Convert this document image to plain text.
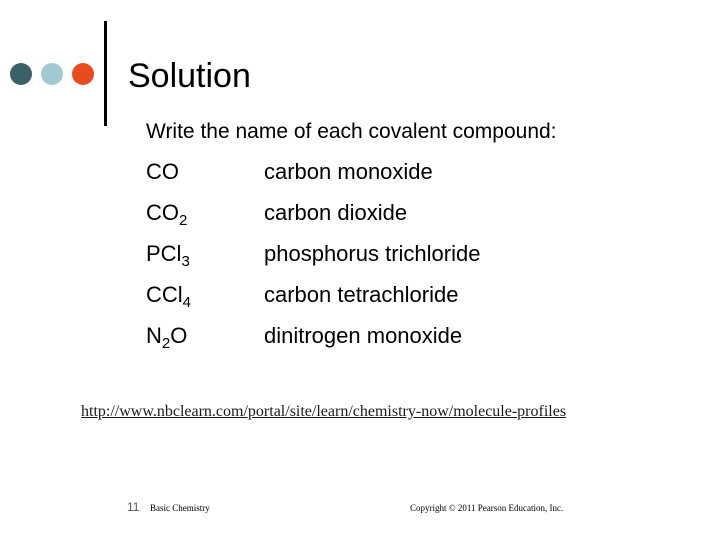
Solution
Write the name of each covalent compound:
CO	carbon monoxide
$CO_2$	carbon dioxide
PCl$_3$	phosphorus trichloride
CCl$_4$	carbon tetrachloride
$N_2O$	dinitrogen monoxide
http://www.nbclearn.com/portal/site/learn/chemistry-now/molecule-profiles
11 Basic Chemistry	Copyright © 2011 Pearson Education, Inc.
